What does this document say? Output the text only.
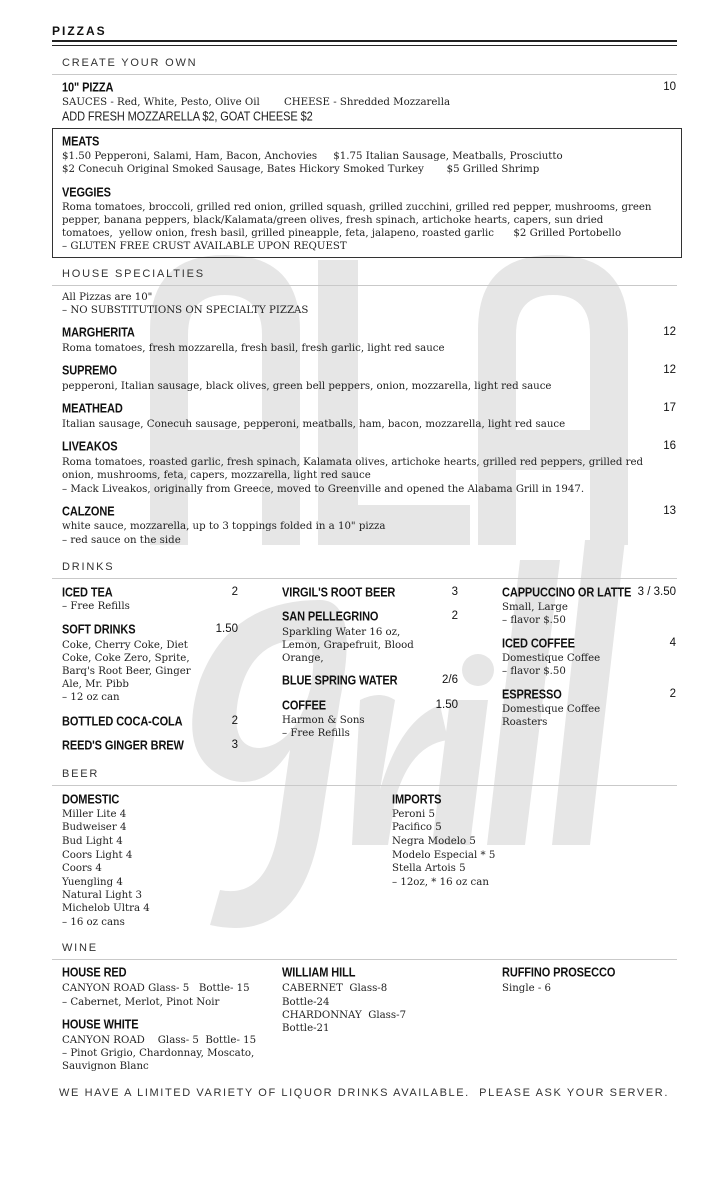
PIZZAS
CREATE YOUR OWN
10" PIZZA	10
SAUCES - Red, White, Pesto, Olive Oil CHEESE - Shredded Mozzarella
ADD FRESH MOZZARELLA $2, GOAT CHEESE $2
MEATS
$1.50 Pepperoni, Salami, Ham, Bacon, Anchovies     $1.75 Italian Sausage, Meatballs, Prosciutto
$2 Conecuh Original Smoked Sausage, Bates Hickory Smoked Turkey       $5 Grilled Shrimp
VEGGIES
Roma tomatoes, broccoli, grilled red onion, grilled squash, grilled zucchini, grilled red pepper, mushrooms, green
pepper, banana peppers, black/Kalamata/green olives, fresh spinach, artichoke hearts, capers, sun dried
tomatoes,  yellow onion, fresh basil, grilled pineapple, feta, jalapeno, roasted garlic      $2 Grilled Portobello
– GLUTEN FREE CRUST AVAILABLE UPON REQUEST
HOUSE SPECIALTIES
All Pizzas are 10"
– NO SUBSTITUTIONS ON SPECIALTY PIZZAS
MARGHERITA	12
Roma tomatoes, fresh mozzarella, fresh basil, fresh garlic, light red sauce
SUPREMO	12
pepperoni, Italian sausage, black olives, green bell peppers, onion, mozzarella, light red sauce
MEATHEAD	17
Italian sausage, Conecuh sausage, pepperoni, meatballs, ham, bacon, mozzarella, light red sauce
LIVEAKOS	16
Roma tomatoes, roasted garlic, fresh spinach, Kalamata olives, artichoke hearts, grilled red peppers, grilled red
onion, mushrooms, feta, capers, mozzarella, light red sauce
– Mack Liveakos, originally from Greece, moved to Greenville and opened the Alabama Grill in 1947.
CALZONE	13
white sauce, mozzarella, up to 3 toppings folded in a 10" pizza
– red sauce on the side
DRINKS
ICED TEA	2
– Free Refills
SOFT DRINKS	1.50
Coke, Cherry Coke, Diet
Coke, Coke Zero, Sprite,
Barq's Root Beer, Ginger
Ale, Mr. Pibb
– 12 oz can
BOTTLED COCA-COLA	2
REED'S GINGER BREW	3
VIRGIL'S ROOT BEER	3
SAN PELLEGRINO	2
Sparkling Water 16 oz,
Lemon, Grapefruit, Blood
Orange,
BLUE SPRING WATER	2/6
COFFEE	1.50
Harmon & Sons
– Free Refills
CAPPUCCINO OR LATTE 3 / 3.50
Small, Large
– flavor $.50
ICED COFFEE	4
Domestique Coffee
– flavor $.50
ESPRESSO	2
Domestique Coffee
Roasters
BEER
DOMESTIC
Miller Lite 4
Budweiser 4
Bud Light 4
Coors Light 4
Coors 4
Yuengling 4
Natural Light 3
Michelob Ultra 4
– 16 oz cans
IMPORTS
Peroni 5
Pacifico 5
Negra Modelo 5
Modelo Especial * 5
Stella Artois 5
– 12oz, * 16 oz can
WINE
HOUSE RED
CANYON ROAD Glass- 5   Bottle- 15
– Cabernet, Merlot, Pinot Noir
HOUSE WHITE
CANYON ROAD    Glass- 5  Bottle- 15
– Pinot Grigio, Chardonnay, Moscato,
Sauvignon Blanc
WILLIAM HILL
CABERNET  Glass-8
Bottle-24
CHARDONNAY  Glass-7
Bottle-21
RUFFINO PROSECCO
Single - 6
WE HAVE A LIMITED VARIETY OF LIQUOR DRINKS AVAILABLE.  PLEASE ASK YOUR SERVER.
